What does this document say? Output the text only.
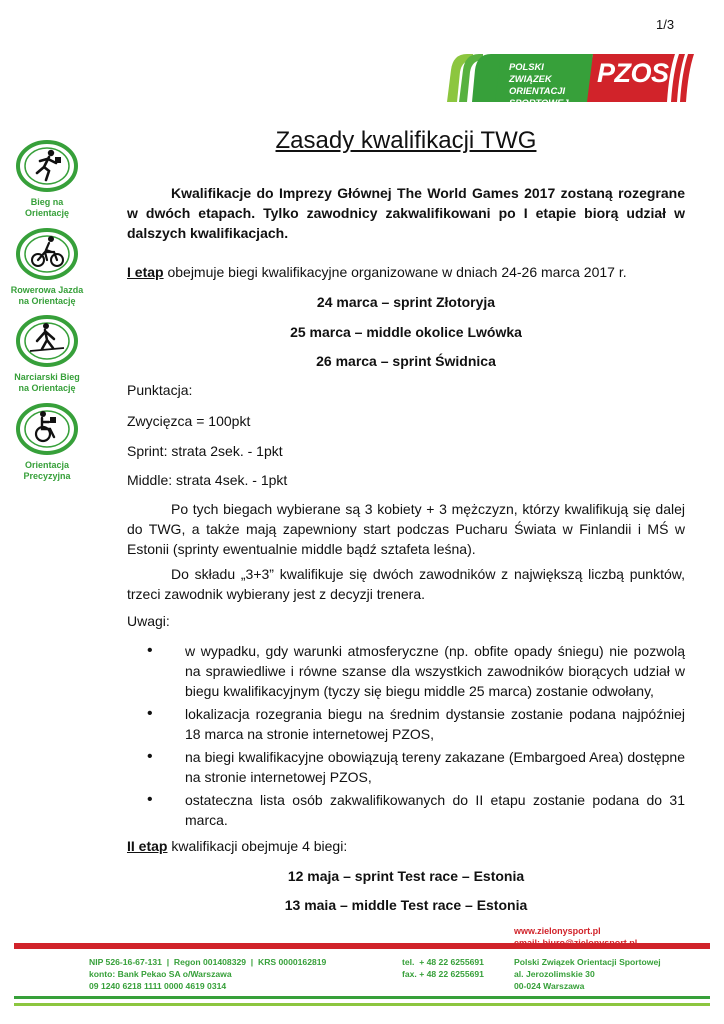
1/3
POLSKI ZWIĄZEK
ORIENTACJI SPORTOWEJ
PZOS
Bieg na Orientację
Rowerowa Jazda
na Orientację
Narciarski Bieg
na Orientację
Orientacja
Precyzyjna
Zasady kwalifikacji TWG
Kwalifikacje do Imprezy Głównej The World Games 2017 zostaną rozegrane w dwóch etapach. Tylko zawodnicy zakwalifikowani po I etapie biorą udział w dalszych kwalifikacjach.
I etap obejmuje biegi kwalifikacyjne organizowane w dniach 24-26 marca 2017 r.
24 marca – sprint Złotoryja
25 marca – middle okolice Lwówka
26 marca – sprint Świdnica
Punktacja:
Zwycięzca = 100pkt
Sprint: strata 2sek. - 1pkt
Middle: strata 4sek. - 1pkt
Po tych biegach wybierane są 3 kobiety + 3 mężczyzn, którzy kwalifikują się dalej do TWG, a także mają zapewniony start podczas Pucharu Świata w Finlandii i MŚ w Estonii (sprinty ewentualnie middle bądź sztafeta leśna).
Do składu „3+3” kwalifikuje się dwóch zawodników z największą liczbą punktów, trzeci zawodnik wybierany jest z decyzji trenera.
Uwagi:
• w wypadku, gdy warunki atmosferyczne (np. obfite opady śniegu) nie pozwolą na sprawiedliwe i równe szanse dla wszystkich zawodników biorących udział w biegu kwalifikacyjnym (tyczy się biegu middle 25 marca) zostanie odwołany,
• lokalizacja rozegrania biegu na średnim dystansie zostanie podana najpóźniej 18 marca na stronie internetowej PZOS,
• na biegi kwalifikacyjne obowiązują tereny zakazane (Embargoed Area) dostępne na stronie internetowej PZOS,
• ostateczna lista osób zakwalifikowanych do II etapu zostanie podana do 31 marca.
II etap kwalifikacji obejmuje 4 biegi:
12 maja – sprint Test race – Estonia
13 maia – middle Test race – Estonia
www.zielonysport.pl
NIP 526-16-67-131  |  Regon 001408329  |  KRS 0000162819
konto: Bank Pekao SA o/Warszawa
09 1240 6218 1111 0000 4619 0314
tel.  + 48 22 6255691
fax. + 48 22 6255691
Polski Związek Orientacji Sportowej
al. Jerozolimskie 30
00-024 Warszawa
